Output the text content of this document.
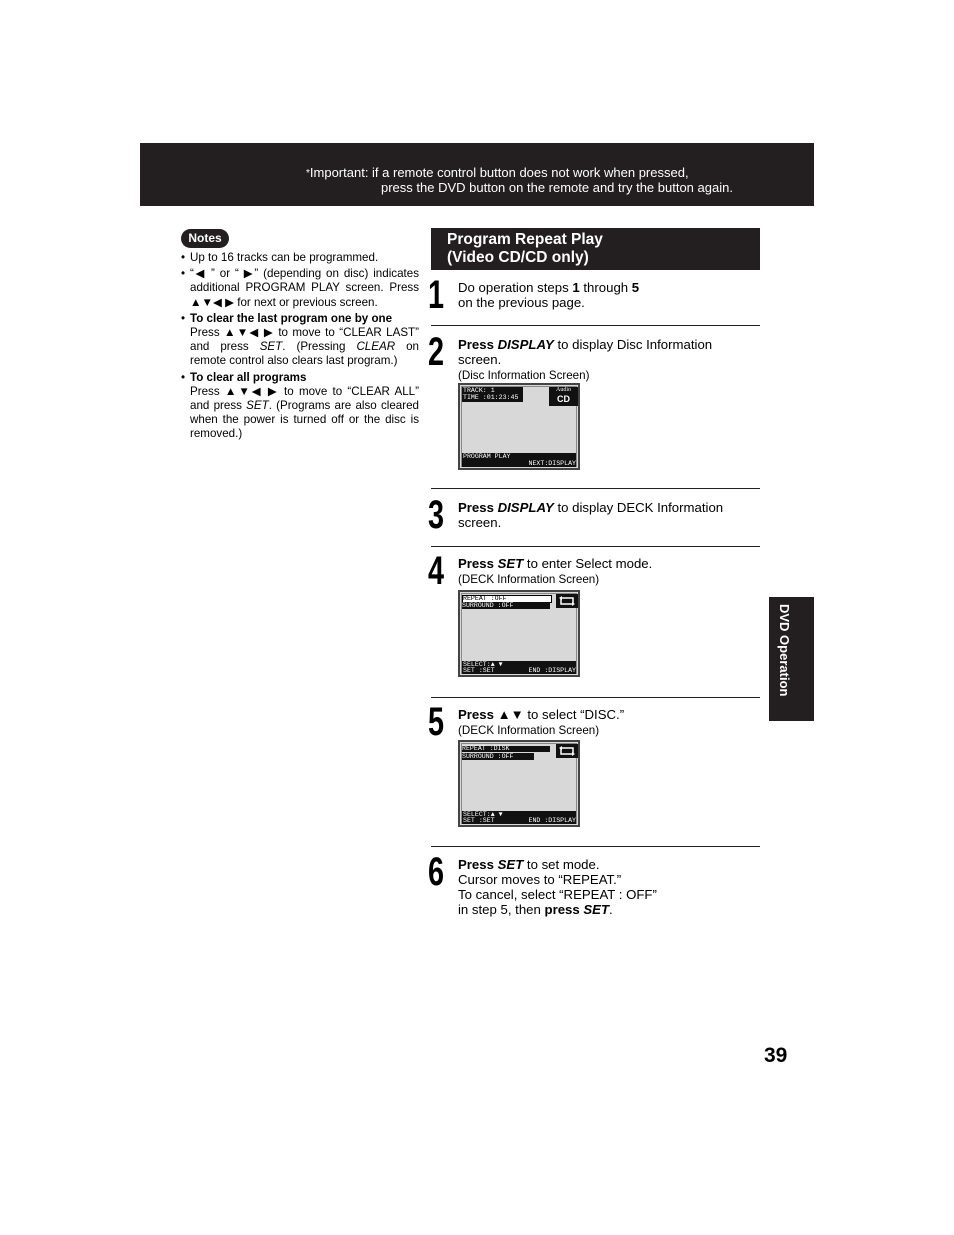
*Important: if a remote control button does not work when pressed,
press the DVD button on the remote and try the button again.
Notes
• Up to 16 tracks can be programmed.
• “◀ ” or “ ▶” (depending on disc) indicates additional PROGRAM PLAY screen. Press ▲▼◀ ▶ for next or previous screen.
• To clear the last program one by one
Press ▲▼◀ ▶ to move to “CLEAR LAST” and press SET. (Pressing CLEAR on remote control also clears last program.)
• To clear all programs
Press ▲▼◀ ▶ to move to “CLEAR ALL” and press SET. (Programs are also cleared when the power is turned off or the disc is removed.)
Program Repeat Play
(Video CD/CD only)
1 Do operation steps 1 through 5
on the previous page.
2 Press DISPLAY to display Disc Information screen.
(Disc Information Screen)
TRACK: 1
TIME :01:23:45
Audio
CD
PROGRAM PLAY
NEXT:DISPLAY
3 Press DISPLAY to display DECK Information screen.
4 Press SET to enter Select mode.
(DECK Information Screen)
REPEAT :OFF
SURROUND :OFF
SELECT:▲ ▼
SET :SET	END :DISPLAY
5 Press ▲▼ to select “DISC.”
(DECK Information Screen)
REPEAT :DISK
SURROUND :OFF
SELECT:▲ ▼
SET :SET	END :DISPLAY
6 Press SET to set mode.
Cursor moves to “REPEAT.”
To cancel, select “REPEAT : OFF”
in step 5, then press SET.
DVD Operation
39
